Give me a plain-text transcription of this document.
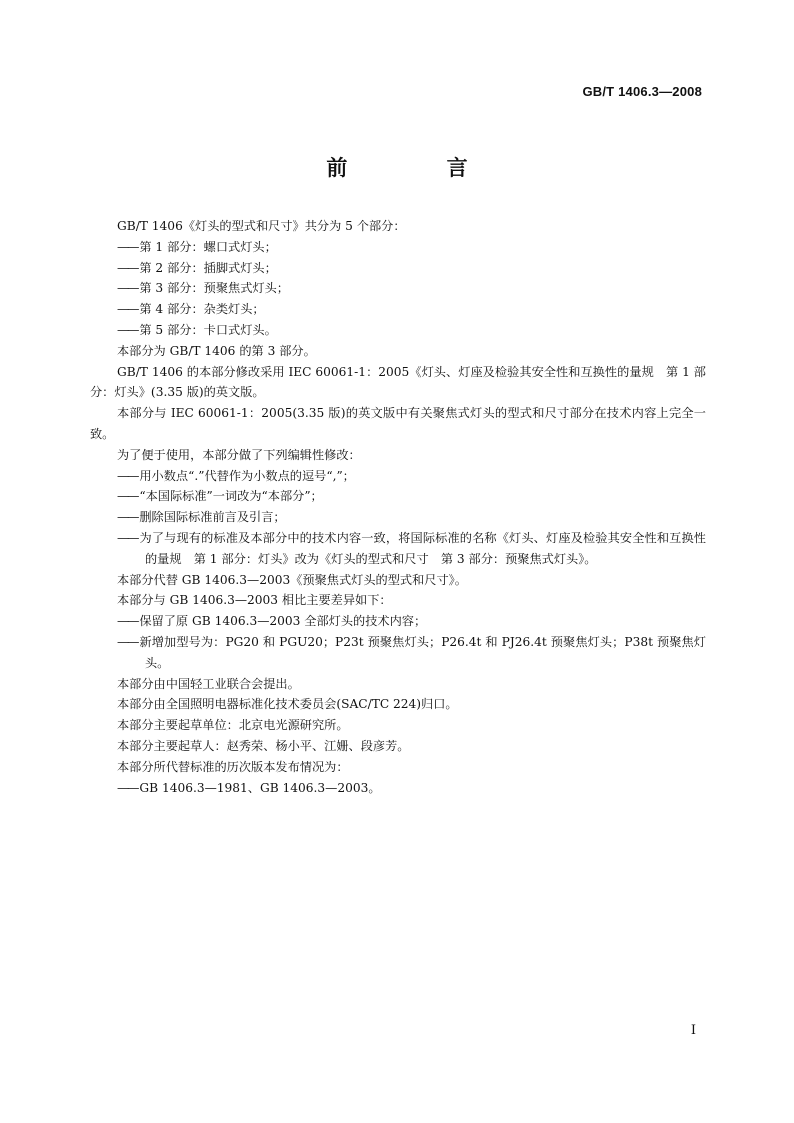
GB/T 1406.3—2008
前 言
GB/T 1406《灯头的型式和尺寸》共分为 5 个部分：
—— 第 1 部分：螺口式灯头；
—— 第 2 部分：插脚式灯头；
—— 第 3 部分：预聚焦式灯头；
—— 第 4 部分：杂类灯头；
—— 第 5 部分：卡口式灯头。
本部分为 GB/T 1406 的第 3 部分。
GB/T 1406 的本部分修改采用 IEC 60061-1：2005《灯头、灯座及检验其安全性和互换性的量规　第 1 部分：灯头》(3.35 版)的英文版。
本部分与 IEC 60061-1：2005(3.35 版)的英文版中有关聚焦式灯头的型式和尺寸部分在技术内容上完全一致。
为了便于使用，本部分做了下列编辑性修改：
—— 用小数点“.”代替作为小数点的逗号“,”；
—— “本国际标准”一词改为“本部分”；
—— 删除国际标准前言及引言；
—— 为了与现有的标准及本部分中的技术内容一致，将国际标准的名称《灯头、灯座及检验其安全性和互换性的量规　第 1 部分：灯头》改为《灯头的型式和尺寸　第 3 部分：预聚焦式灯头》。
本部分代替 GB 1406.3—2003《预聚焦式灯头的型式和尺寸》。
本部分与 GB 1406.3—2003 相比主要差异如下：
—— 保留了原 GB 1406.3—2003 全部灯头的技术内容；
—— 新增加型号为：PG20 和 PGU20；P23t 预聚焦灯头；P26.4t 和 PJ26.4t 预聚焦灯头；P38t 预聚焦灯头。
本部分由中国轻工业联合会提出。
本部分由全国照明电器标准化技术委员会(SAC/TC 224)归口。
本部分主要起草单位：北京电光源研究所。
本部分主要起草人：赵秀荣、杨小平、江姗、段彦芳。
本部分所代替标准的历次版本发布情况为：
—— GB 1406.3—1981、GB 1406.3—2003。
I
